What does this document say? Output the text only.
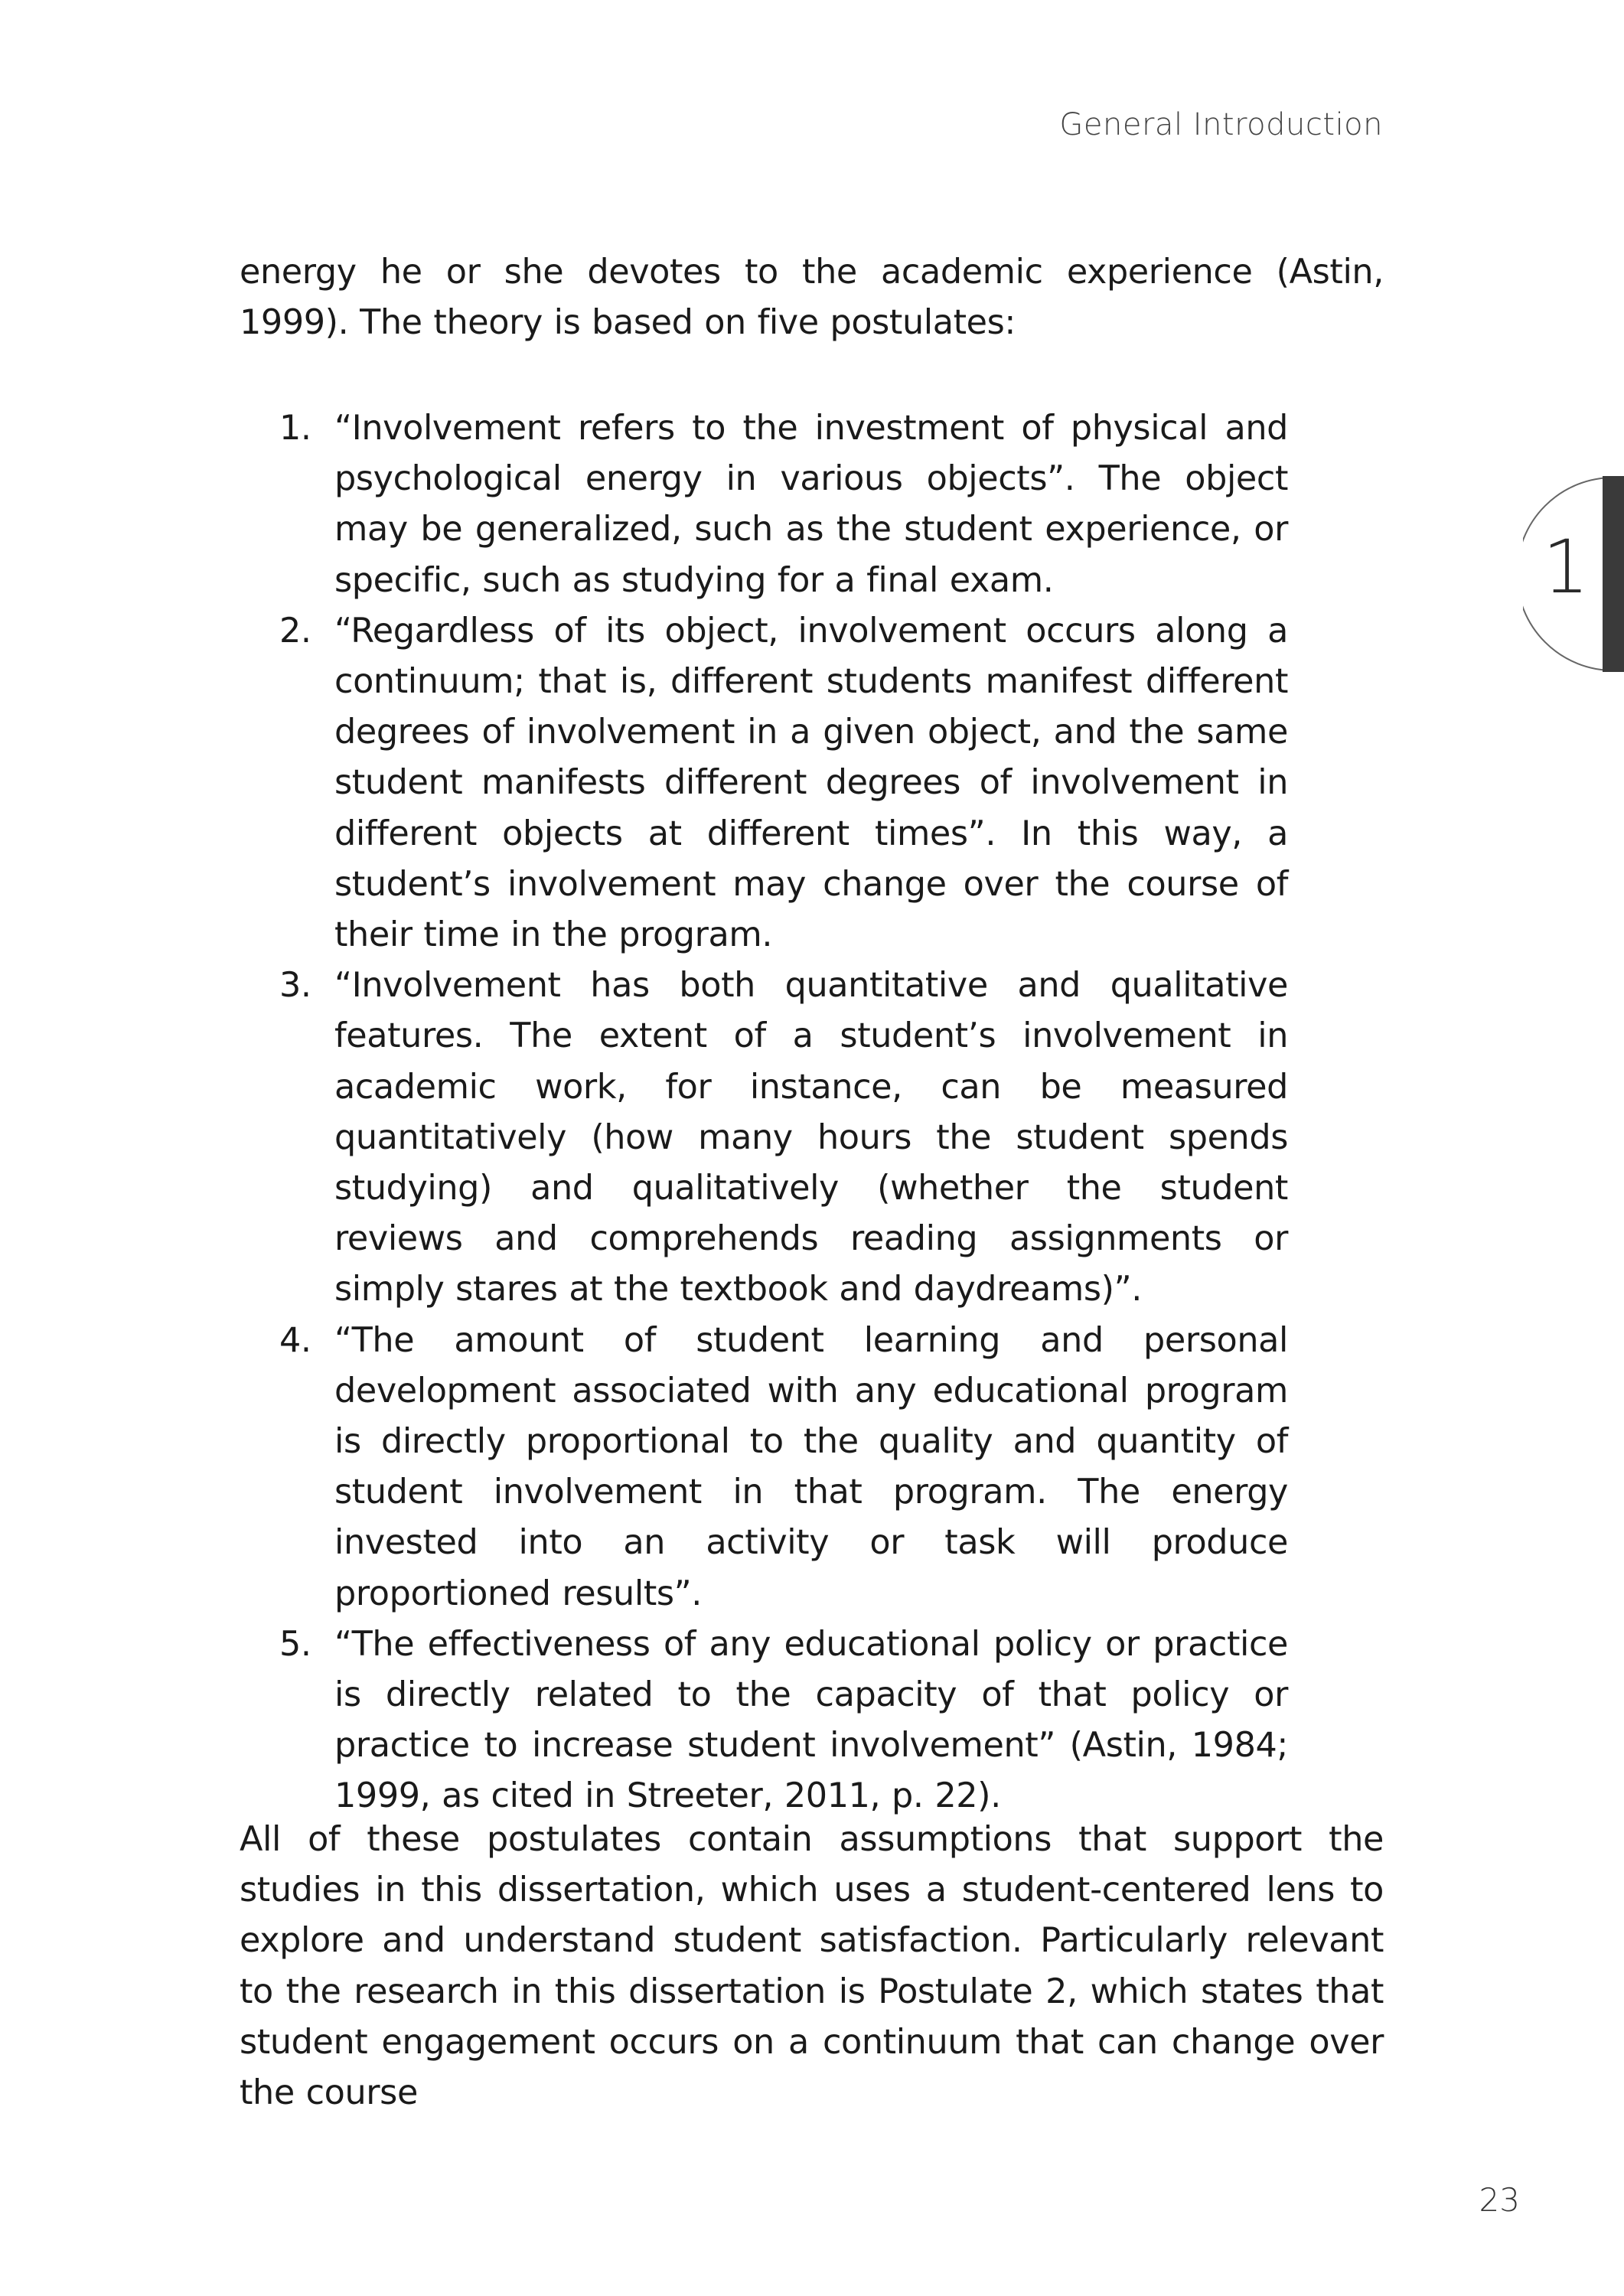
General Introduction
1

energy he or she devotes to the academic experience (Astin, 1999). The theory is based on five postulates:

1. “Involvement refers to the investment of physical and psychological energy in various objects”. The object may be generalized, such as the student experience, or specific, such as studying for a final exam.
2. “Regardless of its object, involvement occurs along a continuum; that is, different students manifest different degrees of involvement in a given object, and the same student manifests different degrees of involvement in different objects at different times”. In this way, a student’s involvement may change over the course of their time in the program.
3. “Involvement has both quantitative and qualitative features. The extent of a student’s involvement in academic work, for instance, can be measured quantitatively (how many hours the student spends studying) and qualitatively (whether the student reviews and comprehends reading assignments or simply stares at the textbook and daydreams)”.
4. “The amount of student learning and personal development associated with any educational program is directly proportional to the quality and quantity of student involvement in that program. The energy invested into an activity or task will produce proportioned results”.
5. “The effectiveness of any educational policy or practice is directly related to the capacity of that policy or practice to increase student involvement” (Astin, 1984; 1999, as cited in Streeter, 2011, p. 22).

All of these postulates contain assumptions that support the studies in this dissertation, which uses a student-centered lens to explore and understand student satisfaction. Particularly relevant to the research in this dissertation is Postulate 2, which states that student engagement occurs on a continuum that can change over the course

23
